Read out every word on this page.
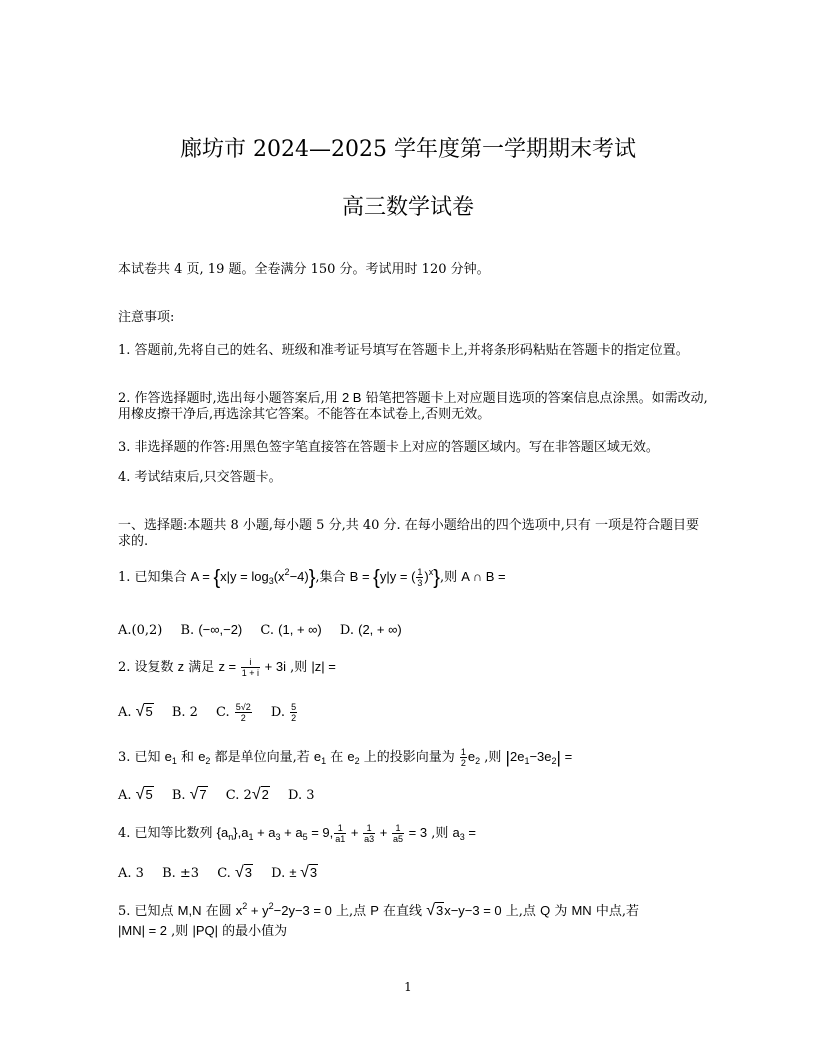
廊坊市 2024—2025 学年度第一学期期末考试
高三数学试卷
本试卷共 4 页, 19 题。全卷满分 150 分。考试用时 120 分钟。
注意事项:
1. 答题前,先将自己的姓名、班级和准考证号填写在答题卡上,并将条形码粘贴在答题卡的指定位置。
2. 作答选择题时,选出每小题答案后,用 2 B 铅笔把答题卡上对应题目选项的答案信息点涂黑。如需改动,用橡皮擦干净后,再选涂其它答案。不能答在本试卷上,否则无效。
3. 非选择题的作答:用黑色签字笔直接答在答题卡上对应的答题区域内。写在非答题区域无效。
4. 考试结束后,只交答题卡。
一、选择题:本题共 8 小题,每小题 5 分,共 40 分. 在每小题给出的四个选项中,只有 一项是符合题目要求的.
1. 已知集合 $A = \{x|y = \log_3(x^2-4)\}$,集合 B = {y|y = ( $\frac{1}{3} )^x$},则 A ∩ B =
A.(0,2) B. (−∞,−2) C. (1, + ∞) D. (2, + ∞)
2. 设复数 z 满足 $z = \frac{i}{1 + i} + 3i$ ,则 |z| =
A. √5 B. 2 C. $\frac{5√2}{2} D$. $\frac{5}{2}$
3. 已知 $e_1$ 和 $e_2$ 都是单位向量,若 $e_1$ 在 $e_2$ 上的投影向量为 $\frac{1}{2} e_2$ ,则 $|2e_1-3e_2|$ =
A. √5 B. √7 C. 2√2 D. 3
4. 已知等比数列 $\{a_n\},a_1 + a_3 + a_5 = 9$, $\frac{1}{a1} + \frac{1}{a3} + \frac{1}{a5} = 3$ ,则 $a_3$ =
A. 3 B. ±3 C. √3 D. ± √3
5. 已知点 M,N 在圆 $x^2 + y^2-2y-3 = 0$ 上,点 P 在直线 √3x−y−3 = 0 上,点 Q 为 MN 中点,若
|MN| = 2 ,则 |PQ| 的最小值为
1
